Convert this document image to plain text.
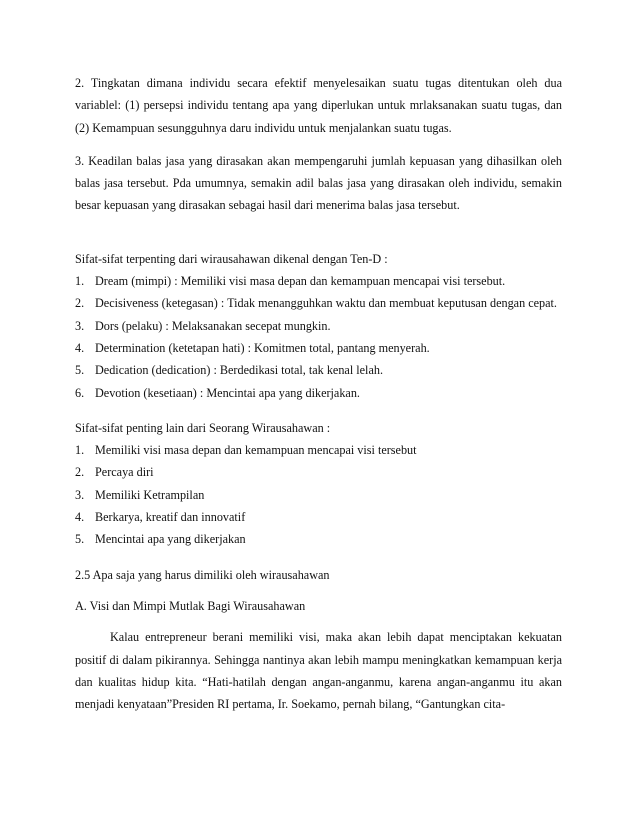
2. Tingkatan dimana individu secara efektif menyelesaikan suatu tugas ditentukan oleh dua variablel: (1) persepsi individu tentang apa yang diperlukan untuk mrlaksanakan suatu tugas, dan (2) Kemampuan sesungguhnya daru individu untuk menjalankan suatu tugas.

3. Keadilan balas jasa yang dirasakan akan mempengaruhi jumlah kepuasan yang dihasilkan oleh balas jasa tersebut. Pda umumnya, semakin adil balas jasa yang dirasakan oleh individu, semakin besar kepuasan yang dirasakan sebagai hasil dari menerima balas jasa tersebut.

Sifat-sifat terpenting dari wirausahawan dikenal dengan Ten-D :

1. Dream (mimpi) : Memiliki visi masa depan dan kemampuan mencapai visi tersebut.

2. Decisiveness (ketegasan) : Tidak menangguhkan waktu dan membuat keputusan dengan cepat.

3. Dors (pelaku) : Melaksanakan secepat mungkin.

4. Determination (ketetapan hati) : Komitmen total, pantang menyerah.

5. Dedication (dedication) : Berdedikasi total, tak kenal lelah.

6. Devotion (kesetiaan) : Mencintai apa yang dikerjakan.

Sifat-sifat penting lain dari Seorang Wirausahawan :

1. Memiliki visi masa depan dan kemampuan mencapai visi tersebut

2. Percaya diri

3. Memiliki Ketrampilan

4. Berkarya, kreatif dan innovatif

5. Mencintai apa yang dikerjakan

2.5 Apa saja yang harus dimiliki oleh wirausahawan

A. Visi dan Mimpi Mutlak Bagi Wirausahawan

Kalau entrepreneur berani memiliki visi, maka akan lebih dapat menciptakan kekuatan positif di dalam pikirannya. Sehingga nantinya akan lebih mampu meningkatkan kemampuan kerja dan kualitas hidup kita. “Hati-hatilah dengan angan-anganmu, karena angan-anganmu itu akan menjadi kenyataan”Presiden RI pertama, Ir. Soekamo, pernah bilang, “Gantungkan cita-
